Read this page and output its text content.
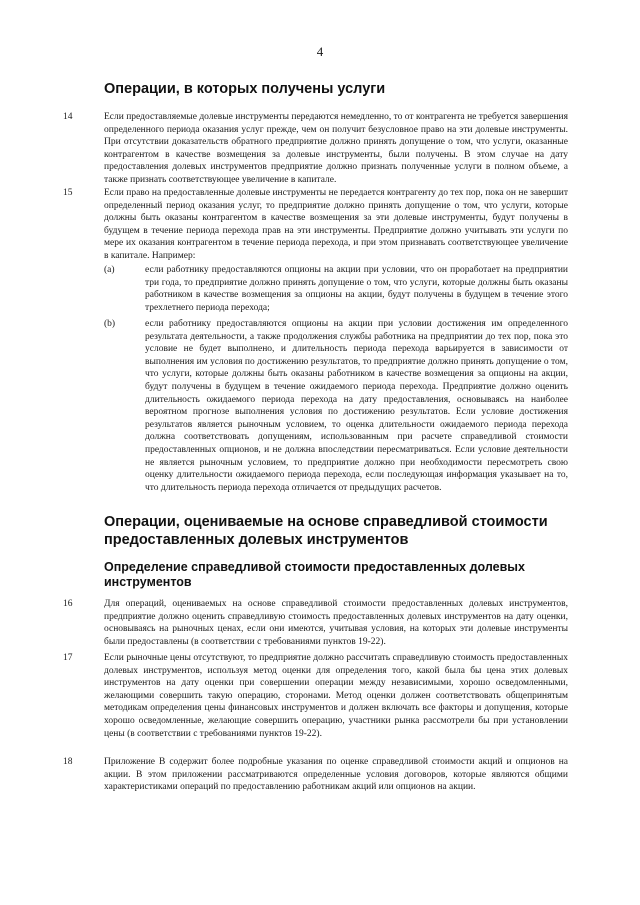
4
Операции, в которых получены услуги
14	Если предоставляемые долевые инструменты передаются немедленно, то от контрагента не требуется завершения определенного периода оказания услуг прежде, чем он получит безусловное право на эти долевые инструменты. При отсутствии доказательств обратного предприятие должно принять допущение о том, что услуги, оказанные контрагентом в качестве возмещения за долевые инструменты, были получены. В этом случае на дату предоставления долевых инструментов предприятие должно признать полученные услуги в полном объеме, а также признать соответствующее увеличение в капитале.

15	Если право на предоставленные долевые инструменты не передается контрагенту до тех пор, пока он не завершит определенный период оказания услуг, то предприятие должно принять допущение о том, что услуги, которые должны быть оказаны контрагентом в качестве возмещения за эти долевые инструменты, будут получены в будущем в течение периода перехода прав на эти инструменты. Предприятие должно учитывать эти услуги по мере их оказания контрагентом в течение периода перехода, и при этом признавать соответствующее увеличение в капитале. Например:

(a)	если работнику предоставляются опционы на акции при условии, что он проработает на предприятии три года, то предприятие должно принять допущение о том, что услуги, которые должны быть оказаны работником в качестве возмещения за опционы на акции, будут получены в будущем в течение этого трехлетнего периода перехода;

(b)	если работнику предоставляются опционы на акции при условии достижения им определенного результата деятельности, а также продолжения службы работника на предприятии до тех пор, пока это условие не будет выполнено, и длительность периода перехода варьируется в зависимости от выполнения им условия по достижению результатов, то предприятие должно принять допущение о том, что услуги, которые должны быть оказаны работником в качестве возмещения за опционы на акции, будут получены в будущем в течение ожидаемого периода перехода. Предприятие должно оценить длительность ожидаемого периода перехода на дату предоставления, основываясь на наиболее вероятном прогнозе выполнения условия по достижению результатов. Если условие достижения результатов является рыночным условием, то оценка длительности ожидаемого периода перехода должна соответствовать допущениям, использованным при расчете справедливой стоимости предоставленных опционов, и не должна впоследствии пересматриваться. Если условие деятельности не является рыночным условием, то предприятие должно при необходимости пересмотреть свою оценку длительности ожидаемого периода перехода, если последующая информация указывает на то, что длительность периода перехода отличается от предыдущих расчетов.

Операции, оцениваемые на основе справедливой стоимости предоставленных долевых инструментов
Определение справедливой стоимости предоставленных долевых инструментов
16	Для операций, оцениваемых на основе справедливой стоимости предоставленных долевых инструментов, предприятие должно оценить справедливую стоимость предоставленных долевых инструментов на дату оценки, основываясь на рыночных ценах, если они имеются, учитывая условия, на которых эти долевые инструменты были предоставлены (в соответствии с требованиями пунктов 19-22).

17	Если рыночные цены отсутствуют, то предприятие должно рассчитать справедливую стоимость предоставленных долевых инструментов, используя метод оценки для определения того, какой была бы цена этих долевых инструментов на дату оценки при совершении операции между независимыми, хорошо осведомленными, желающими совершить такую операцию, сторонами. Метод оценки должен соответствовать общепринятым методикам определения цены финансовых инструментов и должен включать все факторы и допущения, которые хорошо осведомленные, желающие совершить операцию, участники рынка рассмотрели бы при установлении цены (в соответствии с требованиями пунктов 19-22).

18	Приложение В содержит более подробные указания по оценке справедливой стоимости акций и опционов на акции. В этом приложении рассматриваются определенные условия договоров, которые являются общими характеристиками операций по предоставлению работникам акций или опционов на акции.
